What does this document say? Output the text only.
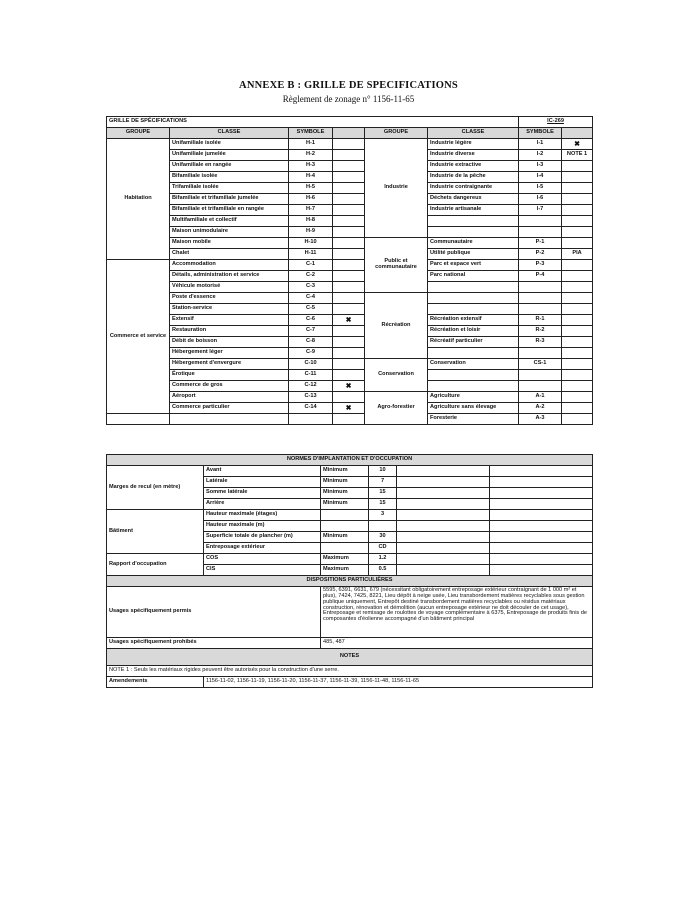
ANNEXE B : GRILLE DE SPECIFICATIONS
Règlement de zonage n° 1156-11-65
GRILLE DE SPÉCIFICATIONS						IC-269	
GROUPE	CLASSE	SYMBOLE		GROUPE	CLASSE	SYMBOLE	
Habitation	Unifamiliale isolée	H-1		Industrie	Industrie légère	I-1	✖
	Unifamiliale jumelée	H-2			Industrie diverse	I-2	NOTE 1
	Unifamiliale en rangée	H-3			Industrie extractive	I-3	
	Bifamiliale isolée	H-4			Industrie de la pêche	I-4	
	Trifamiliale isolée	H-5			Industrie contraignante	I-5	
	Bifamiliale et trifamiliale jumelée	H-6			Déchets dangereux	I-6	
	Bifamiliale et trifamiliale en rangée	H-7			Industrie artisanale	I-7	
	Multifamiliale et collectif	H-8					
	Maison unimodulaire	H-9					
	Maison mobile	H-10		Public et communautaire	Communautaire	P-1	
	Chalet	H-11			Utilité publique	P-2	PIA
Commerce et service	Accommodation	C-1			Parc et espace vert	P-3	
	Détails, administration et service	C-2			Parc national	P-4	
	Véhicule motorisé	C-3					
	Poste d'essence	C-4		Récréation			
	Station-service	C-5					
	Extensif	C-6	✖		Récréation extensif	R-1	
	Restauration	C-7			Récréation et loisir	R-2	
	Débit de boisson	C-8			Récréatif particulier	R-3	
	Hébergement léger	C-9					
	Hébergement d'envergure	C-10		Conservation	Conservation	CS-1	
	Érotique	C-11					
	Commerce de gros	C-12	✖				
	Aéroport	C-13		Agro-forestier	Agriculture	A-1	
	Commerce particulier	C-14	✖		Agriculture sans élevage	A-2	
					Foresterie	A-3	
NORMES D'IMPLANTATION ET D'OCCUPATION					
Marges de recul (en mètre)	Avant	Minimum	10		
	Latérale	Minimum	7		
	Somme latérale	Minimum	15		
	Arrière	Minimum	15		
Bâtiment	Hauteur maximale (étages)		3		
	Hauteur maximale (m)				
	Superficie totale de plancher (m)	Minimum	30		
	Entreposage extérieur		CD		
Rapport d'occupation	COS	Maximum	1.2		
	CIS	Maximum	0.5		
DISPOSITIONS PARTICULIÈRES					
Usages spécifiquement permis		5595, 6391, 6631, 679 (nécessitant obligatoirement entreposage extérieur contraignant de 1 000 m² et plus), 7424, 7425, 8221, Lieu dépôt à neige usée, Lieu transbordement matières recyclables sous gestion publique uniquement, Entrepôt destiné transbordement matières recyclables ou résidus matériaux construction, rénovation et démolition (aucun entreposage extérieur ne doit découler de cet usage), Entreposage et remisage de roulottes de voyage complémentaire à 6375, Entreposage de produits finis de composantes d'éolienne accompagné d'un bâtiment principal			
Usages spécifiquement prohibés		485, 487			
NOTES					
NOTE 1 : Seuls les matériaux rigides peuvent être autorisés pour la construction d'une serre.					
Amendements	1156-11-02, 1156-11-19, 1156-11-20, 1156-11-37, 1156-11-39, 1156-11-48, 1156-11-65				
